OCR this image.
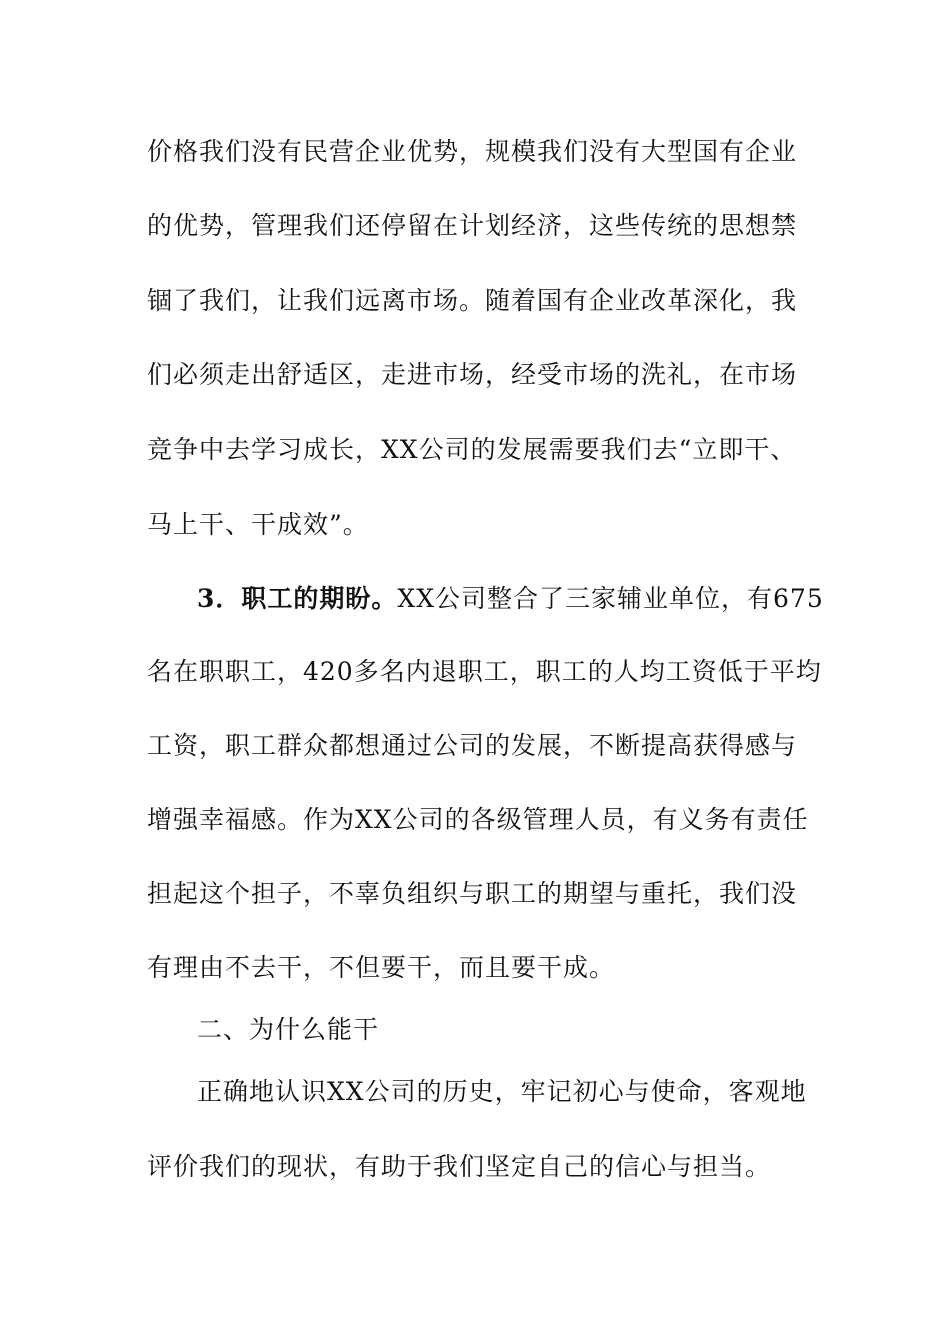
价格我们没有民营企业优势，规模我们没有大型国有企业
的优势，管理我们还停留在计划经济，这些传统的思想禁
锢了我们，让我们远离市场。随着国有企业改革深化，我
们必须走出舒适区，走进市场，经受市场的洗礼，在市场
竞争中去学习成长，XX公司的发展需要我们去“立即干、
马上干、干成效”。
3．职工的期盼。XX公司整合了三家辅业单位，有675
名在职职工，420多名内退职工，职工的人均工资低于平均
工资，职工群众都想通过公司的发展，不断提高获得感与
增强幸福感。作为XX公司的各级管理人员，有义务有责任
担起这个担子，不辜负组织与职工的期望与重托，我们没
有理由不去干，不但要干，而且要干成。
二、为什么能干
正确地认识XX公司的历史，牢记初心与使命，客观地
评价我们的现状，有助于我们坚定自己的信心与担当。
